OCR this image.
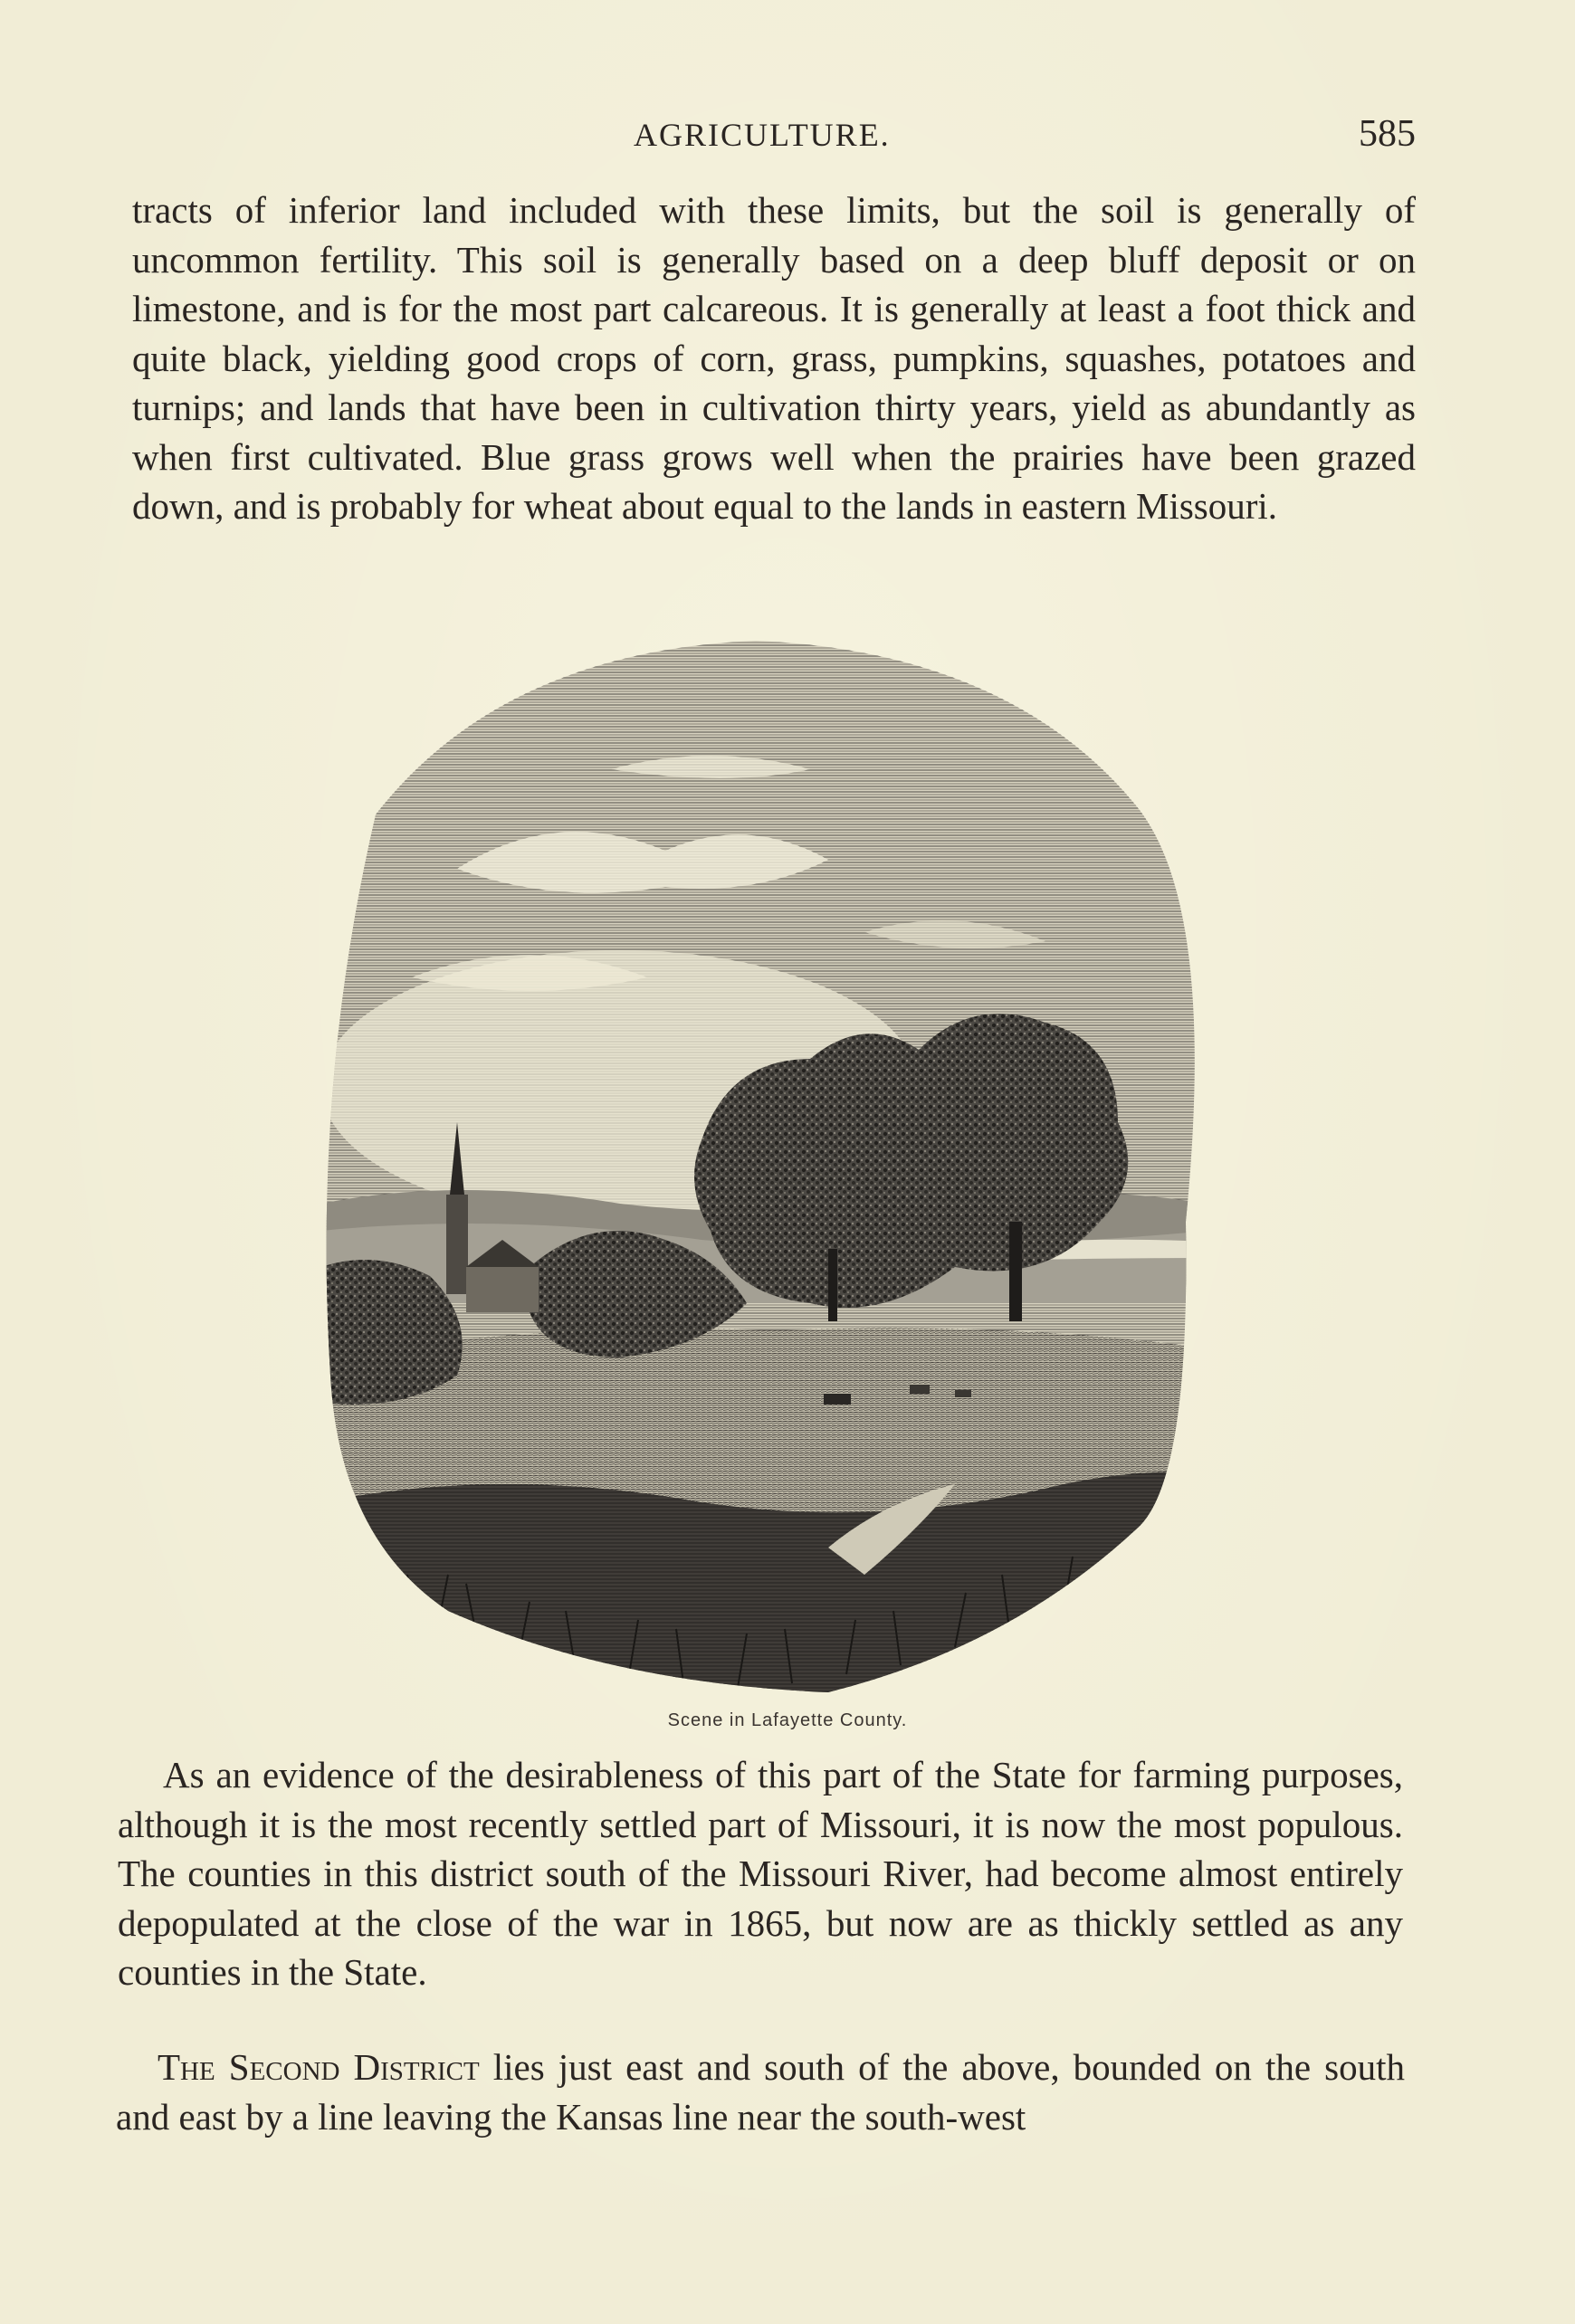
AGRICULTURE.	585

tracts of inferior land included with these limits, but the soil is generally of uncommon fertility. This soil is generally based on a deep bluff deposit or on limestone, and is for the most part calcareous. It is generally at least a foot thick and quite black, yielding good crops of corn, grass, pumpkins, squashes, potatoes and turnips; and lands that have been in cultivation thirty years, yield as abundantly as when first cultivated. Blue grass grows well when the prairies have been grazed down, and is probably for wheat about equal to the lands in eastern Missouri.

Scene in Lafayette County.

As an evidence of the desirableness of this part of the State for farming purposes, although it is the most recently settled part of Missouri, it is now the most populous. The counties in this district south of the Missouri River, had become almost entirely depopulated at the close of the war in 1865, but now are as thickly settled as any counties in the State.

The Second District lies just east and south of the above, bounded on the south and east by a line leaving the Kansas line near the south-west
